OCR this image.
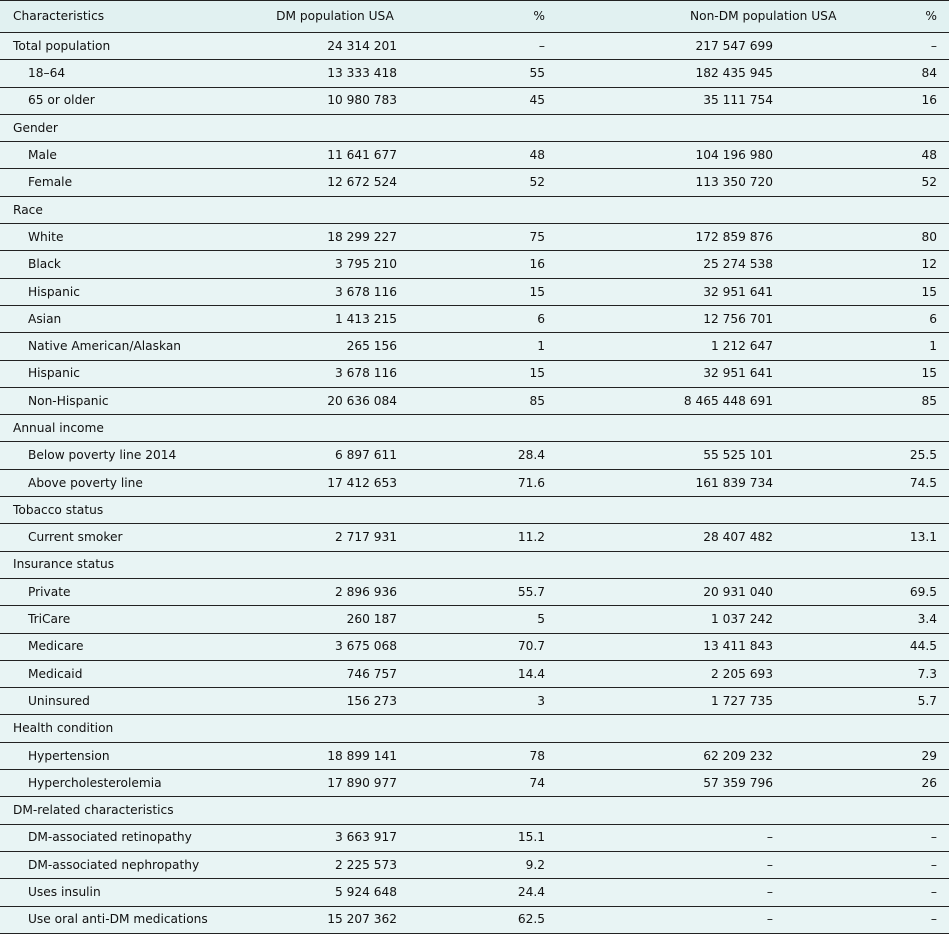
Characteristics	DM population USA	%	Non-DM population USA	%
Total population	24 314 201	–	217 547 699	–
18–64	13 333 418	55	182 435 945	84
65 or older	10 980 783	45	35 111 754	16
Gender				
Male	11 641 677	48	104 196 980	48
Female	12 672 524	52	113 350 720	52
Race				
White	18 299 227	75	172 859 876	80
Black	3 795 210	16	25 274 538	12
Hispanic	3 678 116	15	32 951 641	15
Asian	1 413 215	6	12 756 701	6
Native American/Alaskan	265 156	1	1 212 647	1
Hispanic	3 678 116	15	32 951 641	15
Non-Hispanic	20 636 084	85	8 465 448 691	85
Annual income				
Below poverty line 2014	6 897 611	28.4	55 525 101	25.5
Above poverty line	17 412 653	71.6	161 839 734	74.5
Tobacco status				
Current smoker	2 717 931	11.2	28 407 482	13.1
Insurance status				
Private	2 896 936	55.7	20 931 040	69.5
TriCare	260 187	5	1 037 242	3.4
Medicare	3 675 068	70.7	13 411 843	44.5
Medicaid	746 757	14.4	2 205 693	7.3
Uninsured	156 273	3	1 727 735	5.7
Health condition				
Hypertension	18 899 141	78	62 209 232	29
Hypercholesterolemia	17 890 977	74	57 359 796	26
DM-related characteristics				
DM-associated retinopathy	3 663 917	15.1	–	–
DM-associated nephropathy	2 225 573	9.2	–	–
Uses insulin	5 924 648	24.4	–	–
Use oral anti-DM medications	15 207 362	62.5	–	–
